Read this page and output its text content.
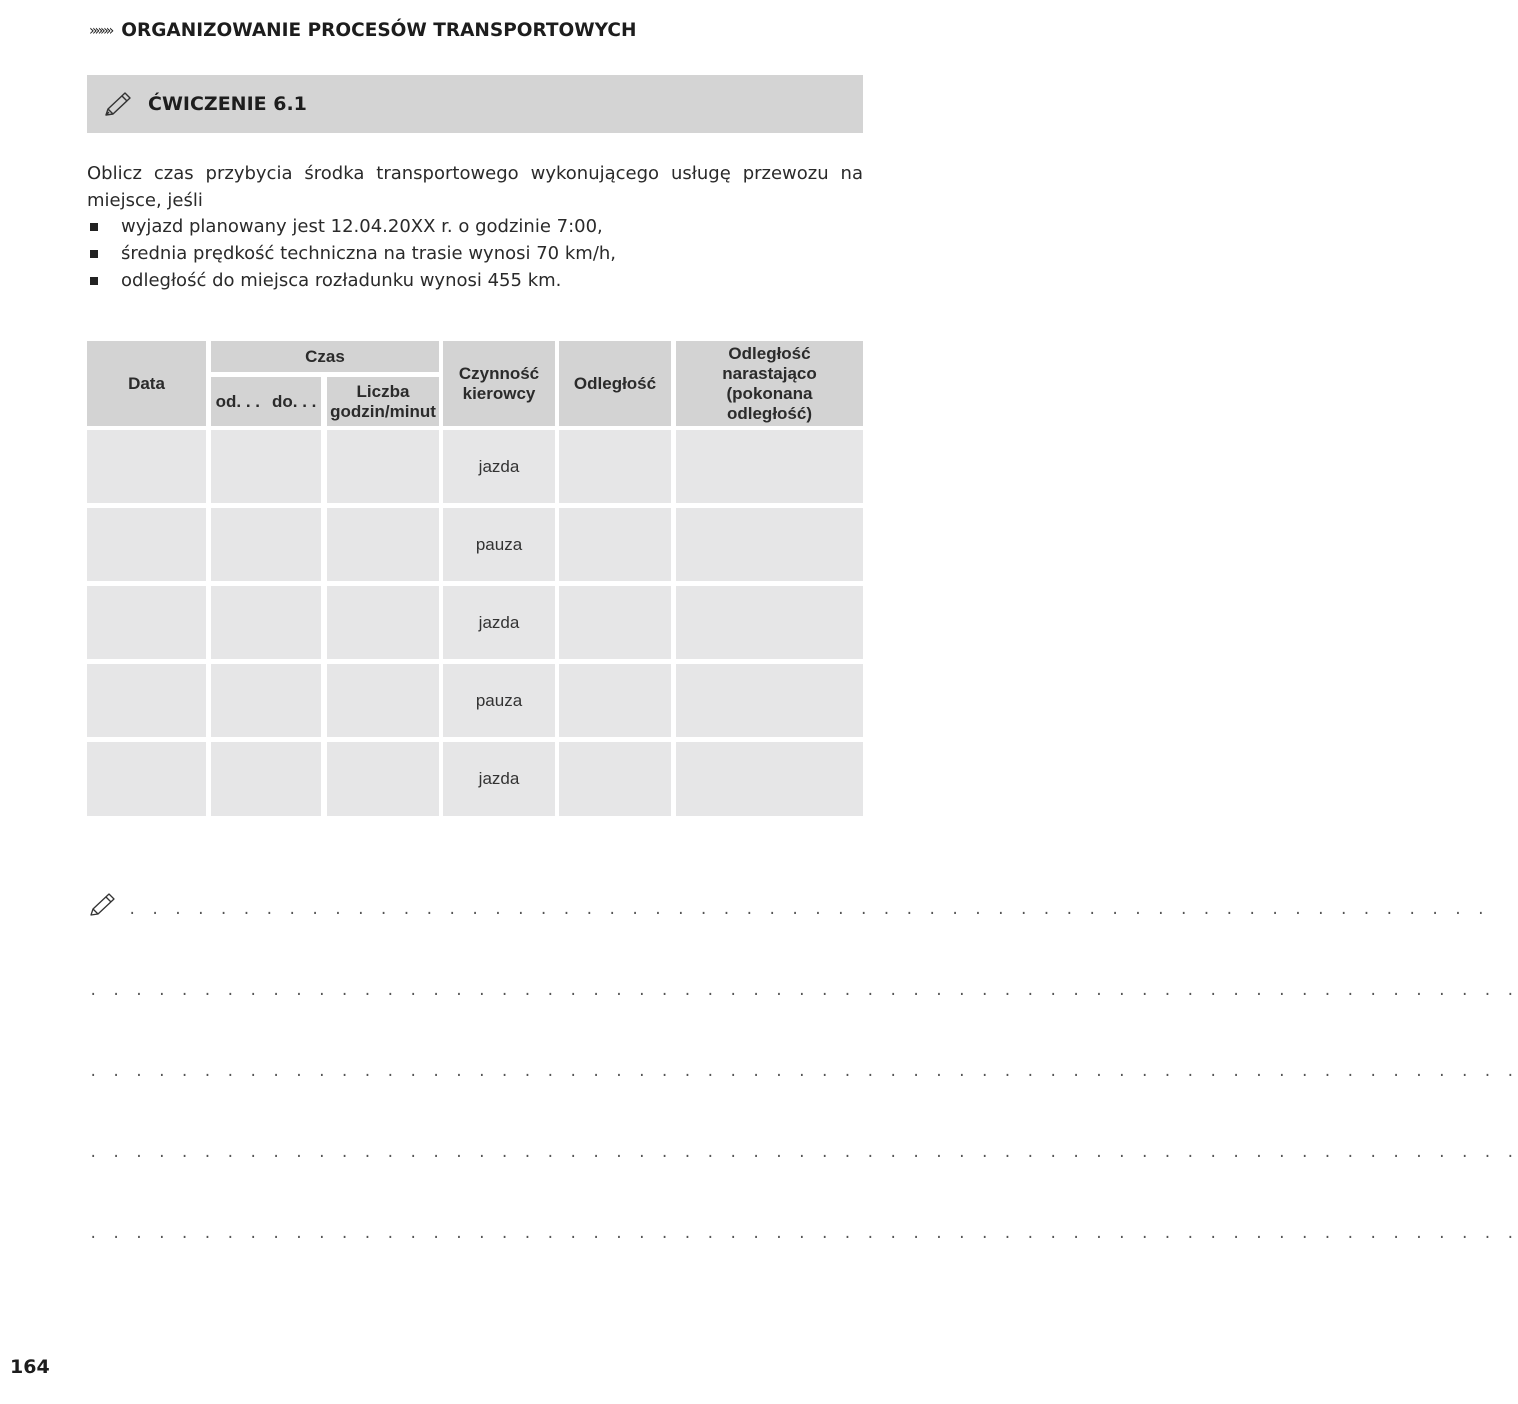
»»»» ORGANIZOWANIE PROCESÓW TRANSPORTOWYCH
ĆWICZENIE 6.1
Oblicz czas przybycia środka transportowego wykonującego usługę przewozu na miejsce, jeśli
wyjazd planowany jest 12.04.20XX r. o godzinie 7:00,
średnia prędkość techniczna na trasie wynosi 70 km/h,
odległość do miejsca rozładunku wynosi 455 km.
Data
Czas
od. . . do. . .
Liczba godzin/minut
Czynność kierowcy
Odległość
Odległość narastająco (pokonana odległość)
jazda
pauza
jazda
pauza
jazda
. . . . . . . . . . . . . . . . . . . . . . . . . . . . . . . . . . . . . . . . . . . . . . . . . . . . . . . . . . . .
. . . . . . . . . . . . . . . . . . . . . . . . . . . . . . . . . . . . . . . . . . . . . . . . . . . . . . . . . . . . . . .
. . . . . . . . . . . . . . . . . . . . . . . . . . . . . . . . . . . . . . . . . . . . . . . . . . . . . . . . . . . . . . .
. . . . . . . . . . . . . . . . . . . . . . . . . . . . . . . . . . . . . . . . . . . . . . . . . . . . . . . . . . . . . . .
. . . . . . . . . . . . . . . . . . . . . . . . . . . . . . . . . . . . . . . . . . . . . . . . . . . . . . . . . . . . . . .
164
